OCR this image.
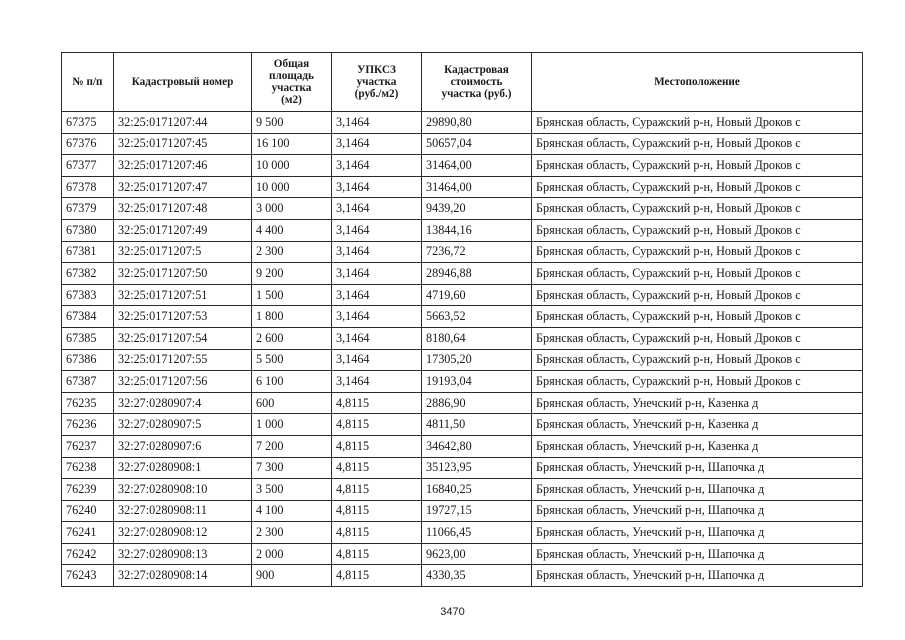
№ п/п	Кадастровый номер	Общая
площадь
участка
(м2)	УПКСЗ
участка
(руб./м2)	Кадастровая
стоимость
участка (руб.)	Местоположение

67375	32:25:0171207:44	9 500	3,1464	29890,80	Брянская область, Суражский р-н, Новый Дроков с
67376	32:25:0171207:45	16 100	3,1464	50657,04	Брянская область, Суражский р-н, Новый Дроков с
67377	32:25:0171207:46	10 000	3,1464	31464,00	Брянская область, Суражский р-н, Новый Дроков с
67378	32:25:0171207:47	10 000	3,1464	31464,00	Брянская область, Суражский р-н, Новый Дроков с
67379	32:25:0171207:48	3 000	3,1464	9439,20	Брянская область, Суражский р-н, Новый Дроков с
67380	32:25:0171207:49	4 400	3,1464	13844,16	Брянская область, Суражский р-н, Новый Дроков с
67381	32:25:0171207:5	2 300	3,1464	7236,72	Брянская область, Суражский р-н, Новый Дроков с
67382	32:25:0171207:50	9 200	3,1464	28946,88	Брянская область, Суражский р-н, Новый Дроков с
67383	32:25:0171207:51	1 500	3,1464	4719,60	Брянская область, Суражский р-н, Новый Дроков с
67384	32:25:0171207:53	1 800	3,1464	5663,52	Брянская область, Суражский р-н, Новый Дроков с
67385	32:25:0171207:54	2 600	3,1464	8180,64	Брянская область, Суражский р-н, Новый Дроков с
67386	32:25:0171207:55	5 500	3,1464	17305,20	Брянская область, Суражский р-н, Новый Дроков с
67387	32:25:0171207:56	6 100	3,1464	19193,04	Брянская область, Суражский р-н, Новый Дроков с
76235	32:27:0280907:4	600	4,8115	2886,90	Брянская область, Унечский р-н, Казенка д
76236	32:27:0280907:5	1 000	4,8115	4811,50	Брянская область, Унечский р-н, Казенка д
76237	32:27:0280907:6	7 200	4,8115	34642,80	Брянская область, Унечский р-н, Казенка д
76238	32:27:0280908:1	7 300	4,8115	35123,95	Брянская область, Унечский р-н, Шапочка д
76239	32:27:0280908:10	3 500	4,8115	16840,25	Брянская область, Унечский р-н, Шапочка д
76240	32:27:0280908:11	4 100	4,8115	19727,15	Брянская область, Унечский р-н, Шапочка д
76241	32:27:0280908:12	2 300	4,8115	11066,45	Брянская область, Унечский р-н, Шапочка д
76242	32:27:0280908:13	2 000	4,8115	9623,00	Брянская область, Унечский р-н, Шапочка д
76243	32:27:0280908:14	900	4,8115	4330,35	Брянская область, Унечский р-н, Шапочка д
3470
